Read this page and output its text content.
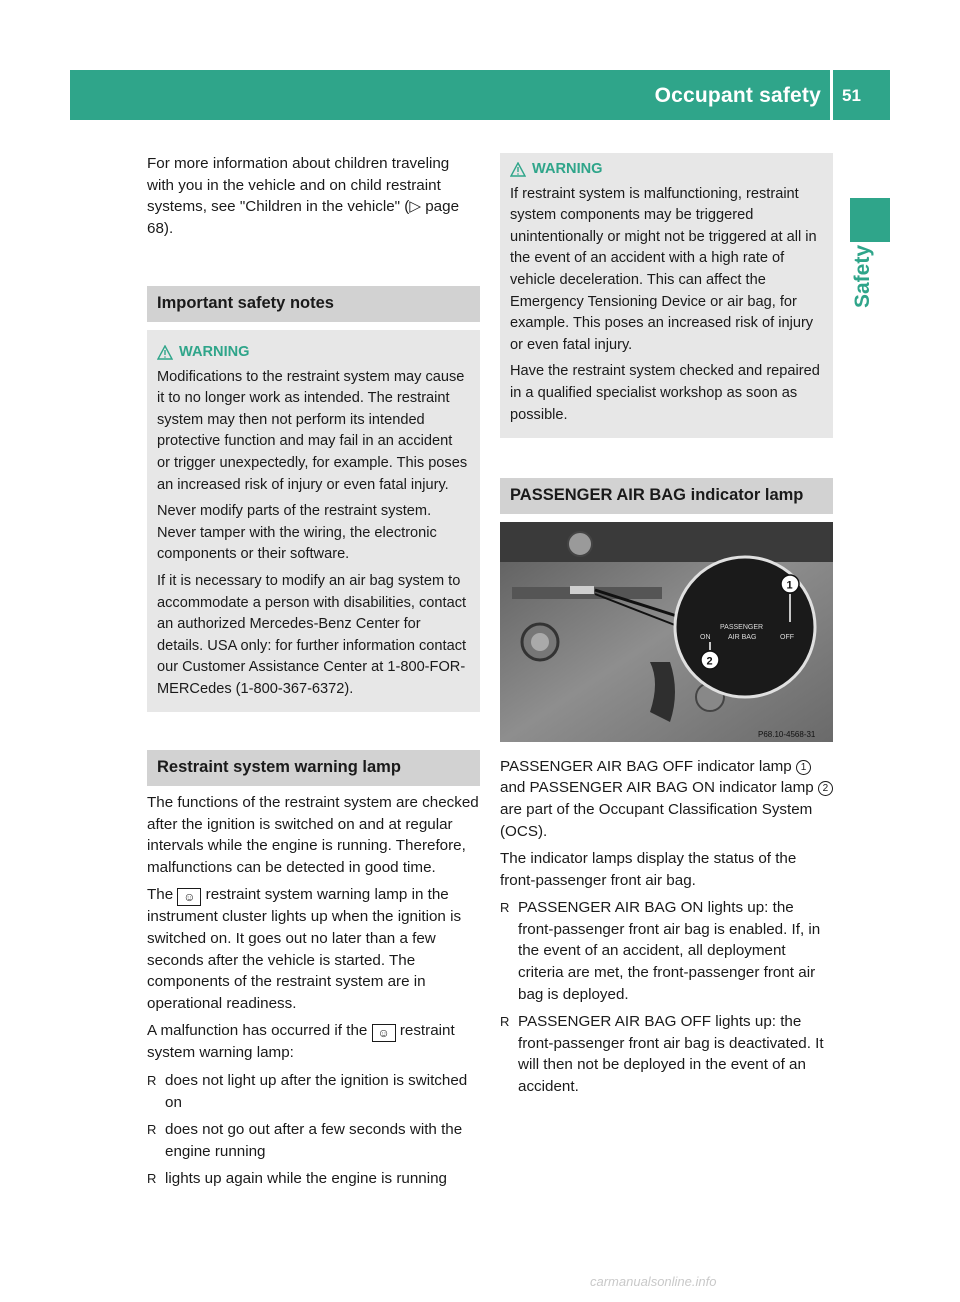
Occupant safety 51
Safety

For more information about children traveling with you in the vehicle and on child restraint systems, see "Children in the vehicle" (▷ page 68).

Important safety notes
WARNING

Modifications to the restraint system may cause it to no longer work as intended. The restraint system may then not perform its intended protective function and may fail in an accident or trigger unexpectedly, for example. This poses an increased risk of injury or even fatal injury.

Never modify parts of the restraint system. Never tamper with the wiring, the electronic components or their software.

If it is necessary to modify an air bag system to accommodate a person with disabilities, contact an authorized Mercedes-Benz Center for details. USA only: for further information contact our Customer Assistance Center at 1-800-FOR-MERCedes (1-800-367-6372).

Restraint system warning lamp

The functions of the restraint system are checked after the ignition is switched on and at regular intervals while the engine is running. Therefore, malfunctions can be detected in good time.

The ☺ restraint system warning lamp in the instrument cluster lights up when the ignition is switched on. It goes out no later than a few seconds after the vehicle is started. The components of the restraint system are in operational readiness.

A malfunction has occurred if the ☺ restraint system warning lamp:

R does not light up after the ignition is switched on
R does not go out after a few seconds with the engine running
R lights up again while the engine is running
WARNING

If restraint system is malfunctioning, restraint system components may be triggered unintentionally or might not be triggered at all in the event of an accident with a high rate of vehicle deceleration. This can affect the Emergency Tensioning Device or air bag, for example. This poses an increased risk of injury or even fatal injury.

Have the restraint system checked and repaired in a qualified specialist workshop as soon as possible.

PASSENGER AIR BAG indicator lamp
ON
PASSENGER
AIR BAG	OFF
1
2
P68.10-4568-31

PASSENGER AIR BAG OFF indicator lamp 1 and PASSENGER AIR BAG ON indicator lamp 2 are part of the Occupant Classification System (OCS).

The indicator lamps display the status of the front-passenger front air bag.

R PASSENGER AIR BAG ON lights up: the front-passenger front air bag is enabled. If, in the event of an accident, all deployment criteria are met, the front-passenger front air bag is deployed.
R PASSENGER AIR BAG OFF lights up: the front-passenger front air bag is deactivated. It will then not be deployed in the event of an accident.
carmanualsonline.info
